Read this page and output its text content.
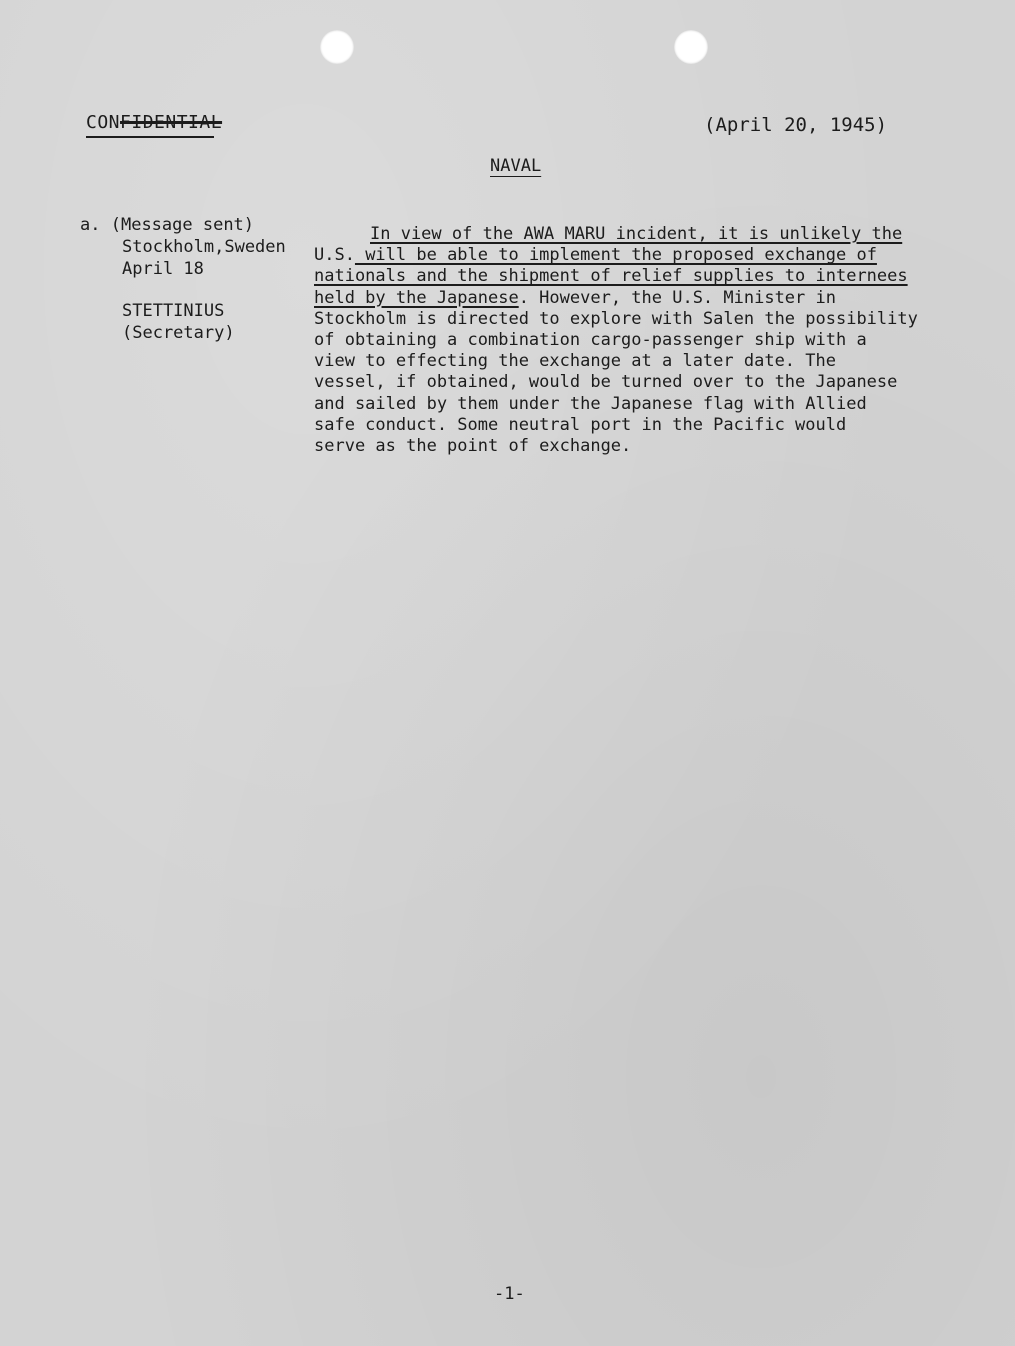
CONFIDENTIAL	(April 20, 1945)
NAVAL
a. (Message sent)
Stockholm,Sweden
April 18
STETTINIUS
(Secretary)
In view of the AWA MARU incident, it is unlikely the
U.S. will be able to implement the proposed exchange of
nationals and the shipment of relief supplies to internees
held by the Japanese. However, the U.S. Minister in
Stockholm is directed to explore with Salen the possibility
of obtaining a combination cargo-passenger ship with a
view to effecting the exchange at a later date. The
vessel, if obtained, would be turned over to the Japanese
and sailed by them under the Japanese flag with Allied
safe conduct. Some neutral port in the Pacific would
serve as the point of exchange.
-1-
